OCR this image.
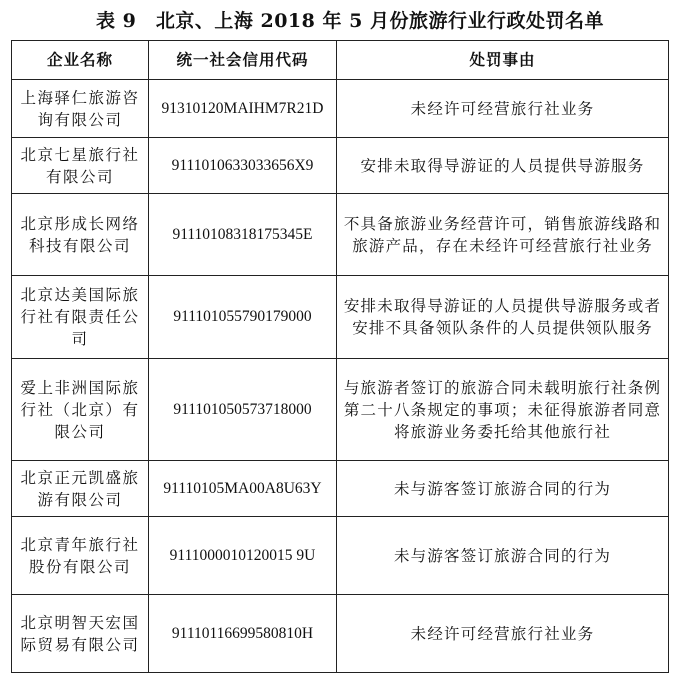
表 9　北京、上海 2018 年 5 月份旅游行业行政处罚名单
企业名称	统一社会信用代码	处罚事由
上海驿仁旅游咨询有限公司	91310120MAIHM7R21D	未经许可经营旅行社业务
北京七星旅行社有限公司	9111010633033656X9	安排未取得导游证的人员提供导游服务
北京彤成长网络科技有限公司	91110108318175345E	不具备旅游业务经营许可，销售旅游线路和旅游产品，存在未经许可经营旅行社业务
北京达美国际旅行社有限责任公司	911101055790179000	安排未取得导游证的人员提供导游服务或者安排不具备领队条件的人员提供领队服务
爱上非洲国际旅行社（北京）有限公司	911101050573718000	与旅游者签订的旅游合同未载明旅行社条例第二十八条规定的事项；未征得旅游者同意将旅游业务委托给其他旅行社
北京正元凯盛旅游有限公司	91110105MA00A8U63Y	未与游客签订旅游合同的行为
北京青年旅行社股份有限公司	9111000010120015 9U	未与游客签订旅游合同的行为
北京明智天宏国际贸易有限公司	91110116699580810H	未经许可经营旅行社业务
